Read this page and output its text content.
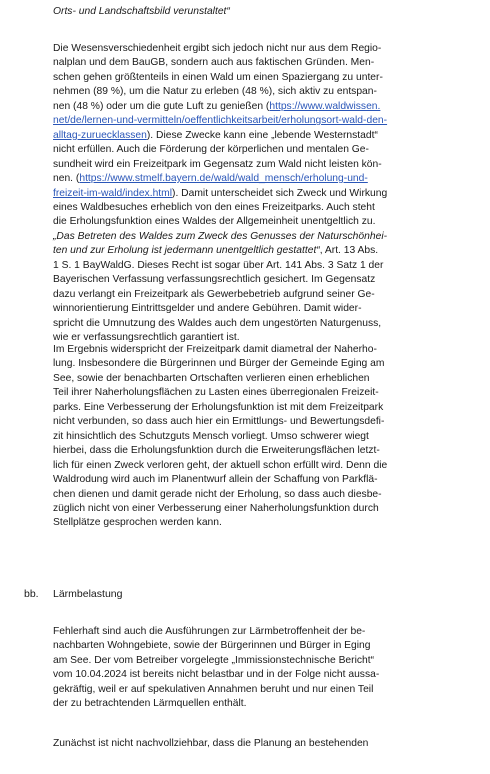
Orts- und Landschaftsbild verunstaltet“
Die Wesensverschiedenheit ergibt sich jedoch nicht nur aus dem Regio-
nalplan und dem BauGB, sondern auch aus faktischen Gründen. Men-
schen gehen größtenteils in einen Wald um einen Spaziergang zu unter-
nehmen (89 %), um die Natur zu erleben (48 %), sich aktiv zu entspan-
nen (48 %) oder um die gute Luft zu genießen (https://www.waldwissen.
net/de/lernen-und-vermitteln/oeffentlichkeitsarbeit/erholungsort-wald-den-
alltag-zuruecklassen). Diese Zwecke kann eine „lebende Westernstadt“
nicht erfüllen. Auch die Förderung der körperlichen und mentalen Ge-
sundheit wird ein Freizeitpark im Gegensatz zum Wald nicht leisten kön-
nen. (https://www.stmelf.bayern.de/wald/wald_mensch/erholung-und-
freizeit-im-wald/index.html). Damit unterscheidet sich Zweck und Wirkung
eines Waldbesuches erheblich von den eines Freizeitparks. Auch steht
die Erholungsfunktion eines Waldes der Allgemeinheit unentgeltlich zu.
„Das Betreten des Waldes zum Zweck des Genusses der Naturschönhei-
ten und zur Erholung ist jedermann unentgeltlich gestattet“, Art. 13 Abs.
1 S. 1 BayWaldG. Dieses Recht ist sogar über Art. 141 Abs. 3 Satz 1 der
Bayerischen Verfassung verfassungsrechtlich gesichert. Im Gegensatz
dazu verlangt ein Freizeitpark als Gewerbebetrieb aufgrund seiner Ge-
winnorientierung Eintrittsgelder und andere Gebühren. Damit wider-
spricht die Umnutzung des Waldes auch dem ungestörten Naturgenuss,
wie er verfassungsrechtlich garantiert ist.
Im Ergebnis widerspricht der Freizeitpark damit diametral der Naherho-
lung. Insbesondere die Bürgerinnen und Bürger der Gemeinde Eging am
See, sowie der benachbarten Ortschaften verlieren einen erheblichen
Teil ihrer Naherholungsflächen zu Lasten eines überregionalen Freizeit-
parks. Eine Verbesserung der Erholungsfunktion ist mit dem Freizeitpark
nicht verbunden, so dass auch hier ein Ermittlungs- und Bewertungsdefi-
zit hinsichtlich des Schutzguts Mensch vorliegt. Umso schwerer wiegt
hierbei, dass die Erholungsfunktion durch die Erweiterungsflächen letzt-
lich für einen Zweck verloren geht, der aktuell schon erfüllt wird. Denn die
Waldrodung wird auch im Planentwurf allein der Schaffung von Parkflä-
chen dienen und damit gerade nicht der Erholung, so dass auch diesbe-
züglich nicht von einer Verbesserung einer Naherholungsfunktion durch
Stellplätze gesprochen werden kann.
bb. Lärmbelastung
Fehlerhaft sind auch die Ausführungen zur Lärmbetroffenheit der be-
nachbarten Wohngebiete, sowie der Bürgerinnen und Bürger in Eging
am See. Der vom Betreiber vorgelegte „Immissionstechnische Bericht“
vom 10.04.2024 ist bereits nicht belastbar und in der Folge nicht aussa-
gekräftig, weil er auf spekulativen Annahmen beruht und nur einen Teil
der zu betrachtenden Lärmquellen enthält.
Zunächst ist nicht nachvollziehbar, dass die Planung an bestehenden
